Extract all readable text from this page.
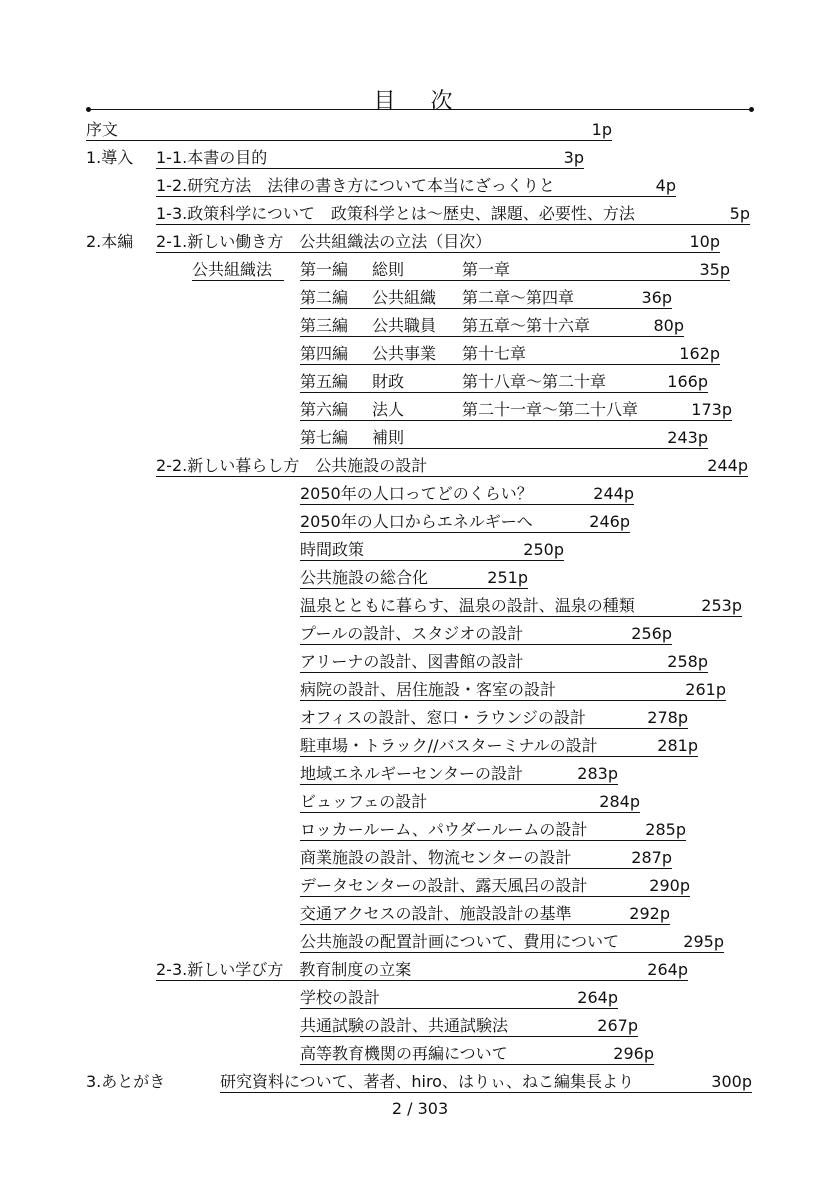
目 次
序文	1p
1.導入 1-1.本書の目的	3p
1-2.研究方法　法律の書き方について本当にざっくりと	4p
1-3.政策科学について　政策科学とは〜歴史、課題、必要性、方法	5p
2.本編 2-1.新しい働き方　公共組織法の立法（目次）	10p
公共組織法 第一編 総則	第一章	35p
第二編 公共組織 第二章〜第四章	36p
第三編 公共職員 第五章〜第十六章	80p
第四編 公共事業 第十七章	162p
第五編 財政	第十八章〜第二十章	166p
第六編 法人	第二十一章〜第二十八章	173p
第七編 補則	243p
2-2.新しい暮らし方　公共施設の設計	244p
2050年の人口ってどのくらい？	244p
2050年の人口からエネルギーへ	246p
時間政策	250p
公共施設の総合化	251p
温泉とともに暮らす、温泉の設計、温泉の種類	253p
プールの設計、スタジオの設計	256p
アリーナの設計、図書館の設計	258p
病院の設計、居住施設・客室の設計	261p
オフィスの設計、窓口・ラウンジの設計	278p
駐車場・トラック//バスターミナルの設計	281p
地域エネルギーセンターの設計	283p
ビュッフェの設計	284p
ロッカールーム、パウダールームの設計	285p
商業施設の設計、物流センターの設計	287p
データセンターの設計、露天風呂の設計	290p
交通アクセスの設計、施設設計の基準	292p
公共施設の配置計画について、費用について	295p
2-3.新しい学び方　教育制度の立案	264p
学校の設計	264p
共通試験の設計、共通試験法	267p
高等教育機関の再編について	296p
3.あとがき	研究資料について、著者、hiro、はりぃ、ねこ編集長より	300p
2 / 303
